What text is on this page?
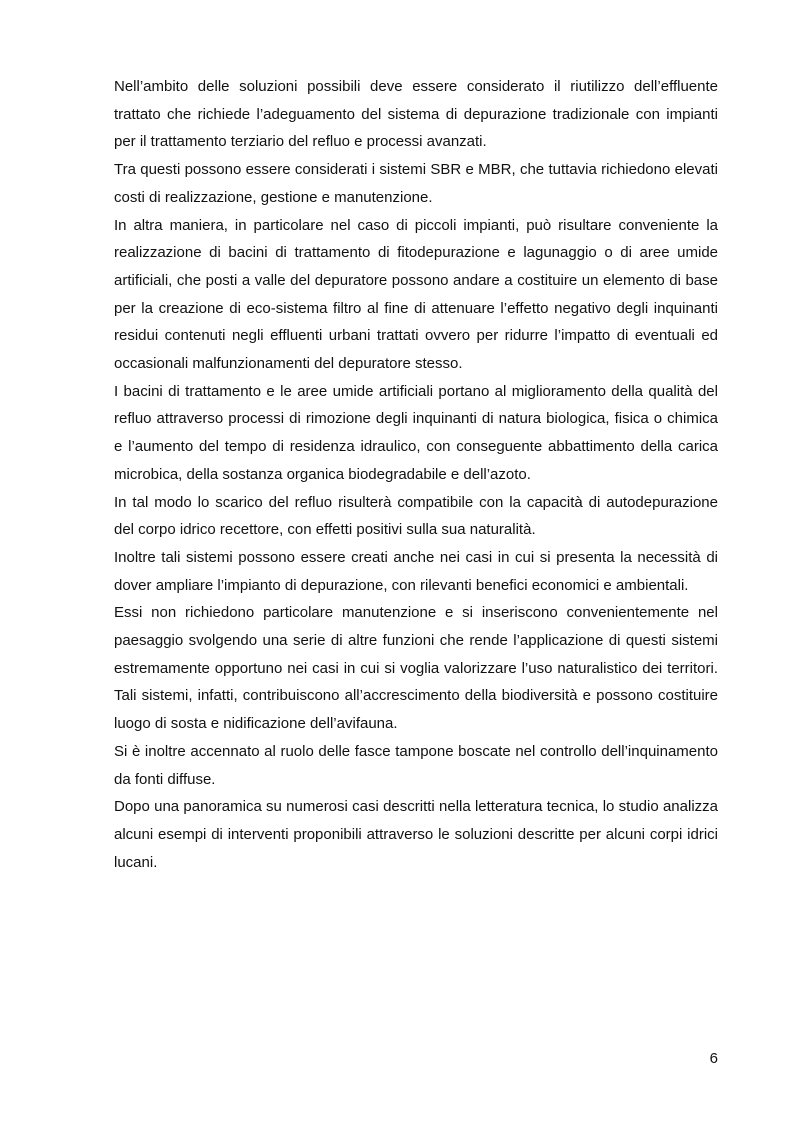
Nell’ambito delle soluzioni possibili deve essere considerato il riutilizzo dell’effluente trattato che richiede l’adeguamento del sistema di depurazione tradizionale con impianti per il trattamento terziario del refluo e processi avanzati.

Tra questi possono essere considerati i sistemi SBR e MBR, che tuttavia richiedono elevati costi di realizzazione, gestione e manutenzione.

In altra maniera, in particolare nel caso di piccoli impianti, può risultare conveniente la realizzazione di bacini di trattamento di fitodepurazione e lagunaggio o di aree umide artificiali, che posti a valle del depuratore possono andare a costituire un elemento di base per la creazione di eco-sistema filtro al fine di attenuare l’effetto negativo degli inquinanti residui contenuti negli effluenti urbani trattati ovvero per ridurre l’impatto di eventuali ed occasionali malfunzionamenti del depuratore stesso.

I bacini di trattamento e le aree umide artificiali portano al miglioramento della qualità del refluo attraverso processi di rimozione degli inquinanti di natura biologica, fisica o chimica e l’aumento del tempo di residenza idraulico, con conseguente abbattimento della carica microbica, della sostanza organica biodegradabile e dell’azoto.

In tal modo lo scarico del refluo risulterà compatibile con la capacità di autodepurazione del corpo idrico recettore, con effetti positivi sulla sua naturalità.

Inoltre tali sistemi possono essere creati anche nei casi in cui si presenta la necessità di dover ampliare l’impianto di depurazione, con rilevanti benefici economici e ambientali.

Essi non richiedono particolare manutenzione e si inseriscono convenientemente nel paesaggio svolgendo una serie di altre funzioni che rende l’applicazione di questi sistemi estremamente opportuno nei casi in cui si voglia valorizzare l’uso naturalistico dei territori. Tali sistemi, infatti, contribuiscono all’accrescimento della biodiversità e possono costituire luogo di sosta e nidificazione dell’avifauna.

Si è inoltre accennato al ruolo delle fasce tampone boscate nel controllo dell’inquinamento da fonti diffuse.

Dopo una panoramica su numerosi casi descritti nella letteratura tecnica, lo studio analizza alcuni esempi di interventi proponibili attraverso le soluzioni descritte per alcuni corpi idrici lucani.

6
